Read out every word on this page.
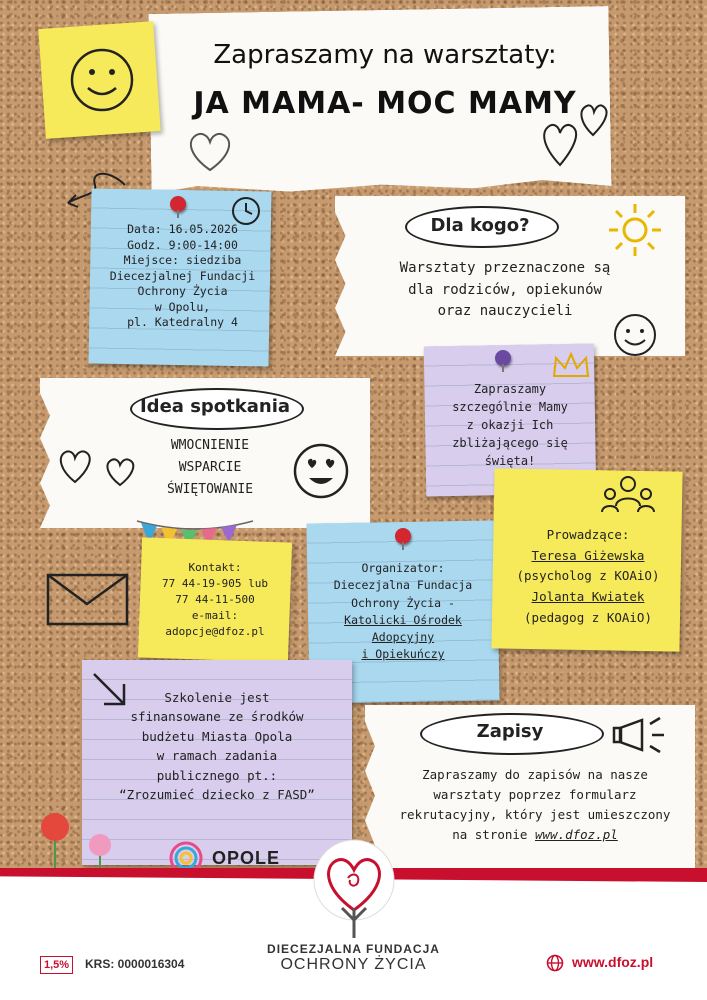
Zapraszamy na warsztaty:
JA MAMA- MOC MAMY
Data: 16.05.2026
Godz. 9:00-14:00
Miejsce: siedziba
Diecezjalnej Fundacji
Ochrony Życia
w Opolu,
pl. Katedralny 4
Dla kogo?
Warsztaty przeznaczone są
dla rodziców, opiekunów
oraz nauczycieli
Zapraszamy
szczególnie Mamy
z okazji Ich
zbliżającego się
święta!
Idea spotkania
WMOCNIENIE
WSPARCIE
ŚWIĘTOWANIE
Kontakt:
77 44-19-905 lub
77 44-11-500
e-mail:
adopcje@dfoz.pl
Organizator:
Diecezjalna Fundacja
Ochrony Życia -
Katolicki Ośrodek
Adopcyjny
i Opiekuńczy
Prowadzące:
Teresa Giżewska
(psycholog z KOAiO)
Jolanta Kwiatek
(pedagog z KOAiO)
Szkolenie jest
sfinansowane ze środków
budżetu Miasta Opola
w ramach zadania
publicznego pt.:
“Zrozumieć dziecko z FASD”
OPOLE
Zapisy
Zapraszamy do zapisów na nasze
warsztaty poprzez formularz
rekrutacyjny, który jest umieszczony
na stronie www.dfoz.pl
DIECEZJALNA FUNDACJA
OCHRONY ŻYCIA
1,5%	KRS: 0000016304	www.dfoz.pl
